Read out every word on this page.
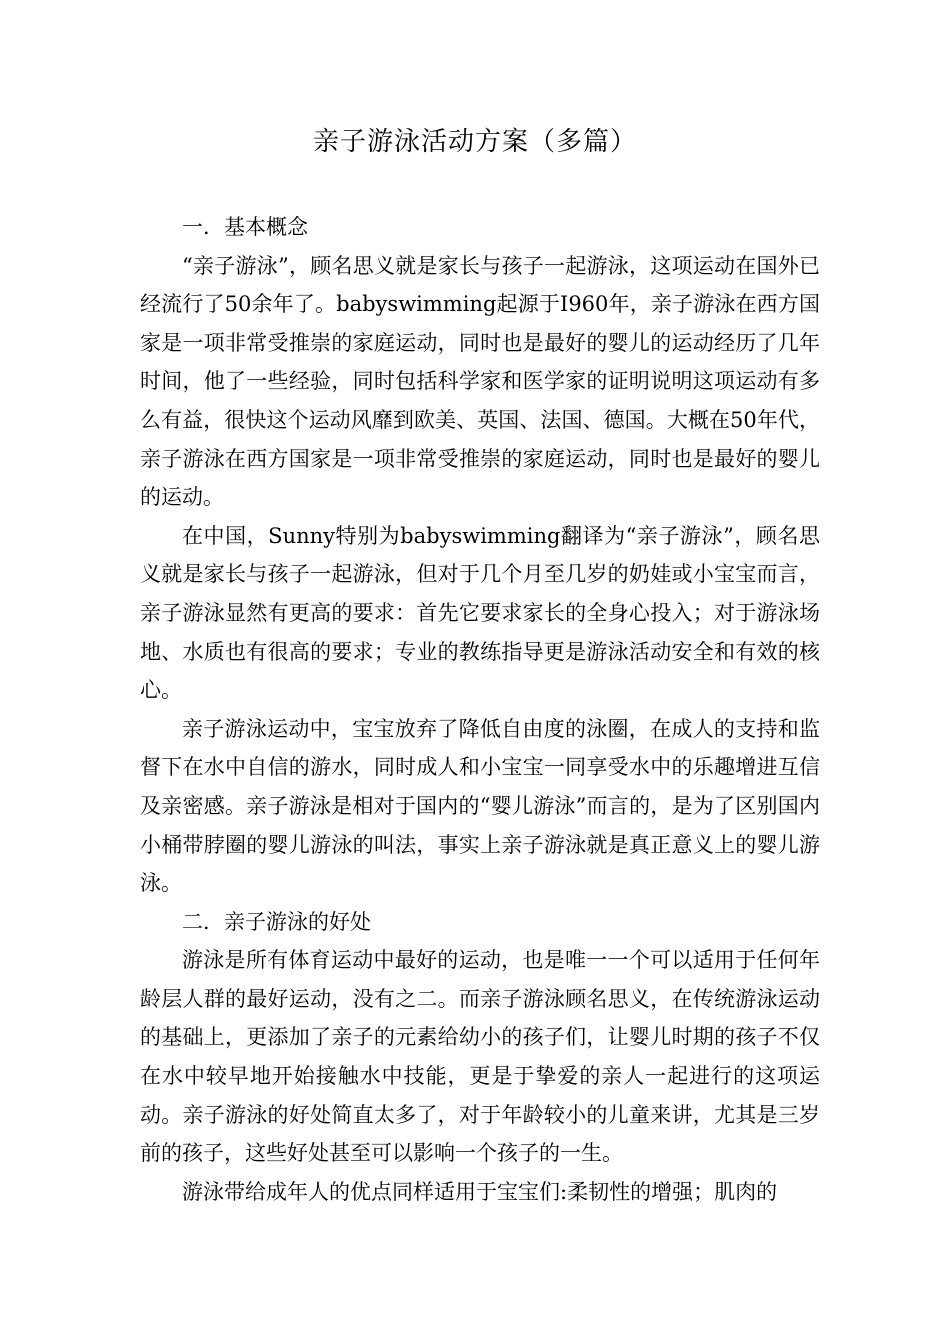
亲子游泳活动方案（多篇）

一．基本概念

“亲子游泳”，顾名思义就是家长与孩子一起游泳，这项运动在国外已经流行了50余年了。babyswimming起源于I960年，亲子游泳在西方国家是一项非常受推崇的家庭运动，同时也是最好的婴儿的运动经历了几年时间，他了一些经验，同时包括科学家和医学家的证明说明这项运动有多么有益，很快这个运动风靡到欧美、英国、法国、德国。大概在50年代，亲子游泳在西方国家是一项非常受推崇的家庭运动，同时也是最好的婴儿的运动。

在中国，Sunny特别为babyswimming翻译为“亲子游泳”，顾名思义就是家长与孩子一起游泳，但对于几个月至几岁的奶娃或小宝宝而言，亲子游泳显然有更高的要求：首先它要求家长的全身心投入；对于游泳场地、水质也有很高的要求；专业的教练指导更是游泳活动安全和有效的核心。

亲子游泳运动中，宝宝放弃了降低自由度的泳圈，在成人的支持和监督下在水中自信的游水，同时成人和小宝宝一同享受水中的乐趣增进互信及亲密感。亲子游泳是相对于国内的“婴儿游泳”而言的，是为了区别国内小桶带脖圈的婴儿游泳的叫法，事实上亲子游泳就是真正意义上的婴儿游泳。

二．亲子游泳的好处

游泳是所有体育运动中最好的运动，也是唯一一个可以适用于任何年龄层人群的最好运动，没有之二。而亲子游泳顾名思义，在传统游泳运动的基础上，更添加了亲子的元素给幼小的孩子们，让婴儿时期的孩子不仅在水中较早地开始接触水中技能，更是于挚爱的亲人一起进行的这项运动。亲子游泳的好处简直太多了，对于年龄较小的儿童来讲，尤其是三岁前的孩子，这些好处甚至可以影响一个孩子的一生。

游泳带给成年人的优点同样适用于宝宝们:柔韧性的增强；肌肉的
